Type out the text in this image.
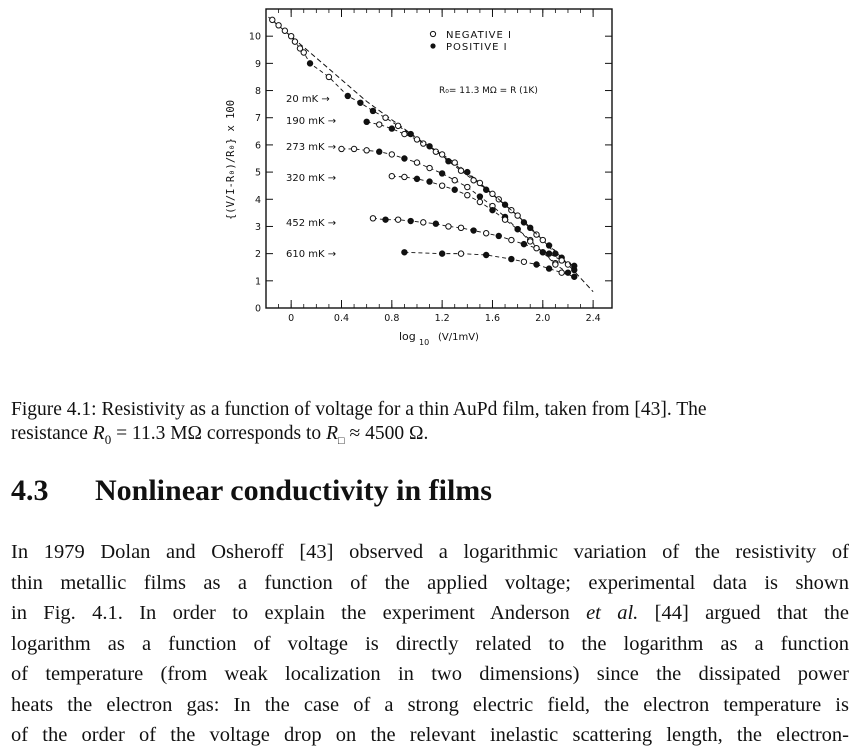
0
1
2
3
4
5
6
7
8
9
10
0	0.4	0.8	1.2	1.6	2.0	2.4
20 mK →
190 mK →
273 mK →
320 mK →
452 mK →
610 mK →
NEGATIVE I
POSITIVE I
R₀= 11.3 MΩ = R (1K)
{(V/I-R₀)/R₀} x 100
log 10 (V/1mV)
Figure 4.1: Resistivity as a function of voltage for a thin AuPd film, taken from [43]. The
resistance $R_0 = 11.3$ MΩ corresponds to $R_□ \approx 4500$ Ω.
4.3 Nonlinear conductivity in films
In 1979 Dolan and Osheroff [43] observed a logarithmic variation of the resistivity of
thin metallic films as a function of the applied voltage; experimental data is shown
in Fig. 4.1. In order to explain the experiment Anderson et al. [44] argued that the
logarithm as a function of voltage is directly related to the logarithm as a function
of temperature (from weak localization in two dimensions) since the dissipated power
heats the electron gas: In the case of a strong electric field, the electron temperature is
of the order of the voltage drop on the relevant inelastic scattering length, the electron-
